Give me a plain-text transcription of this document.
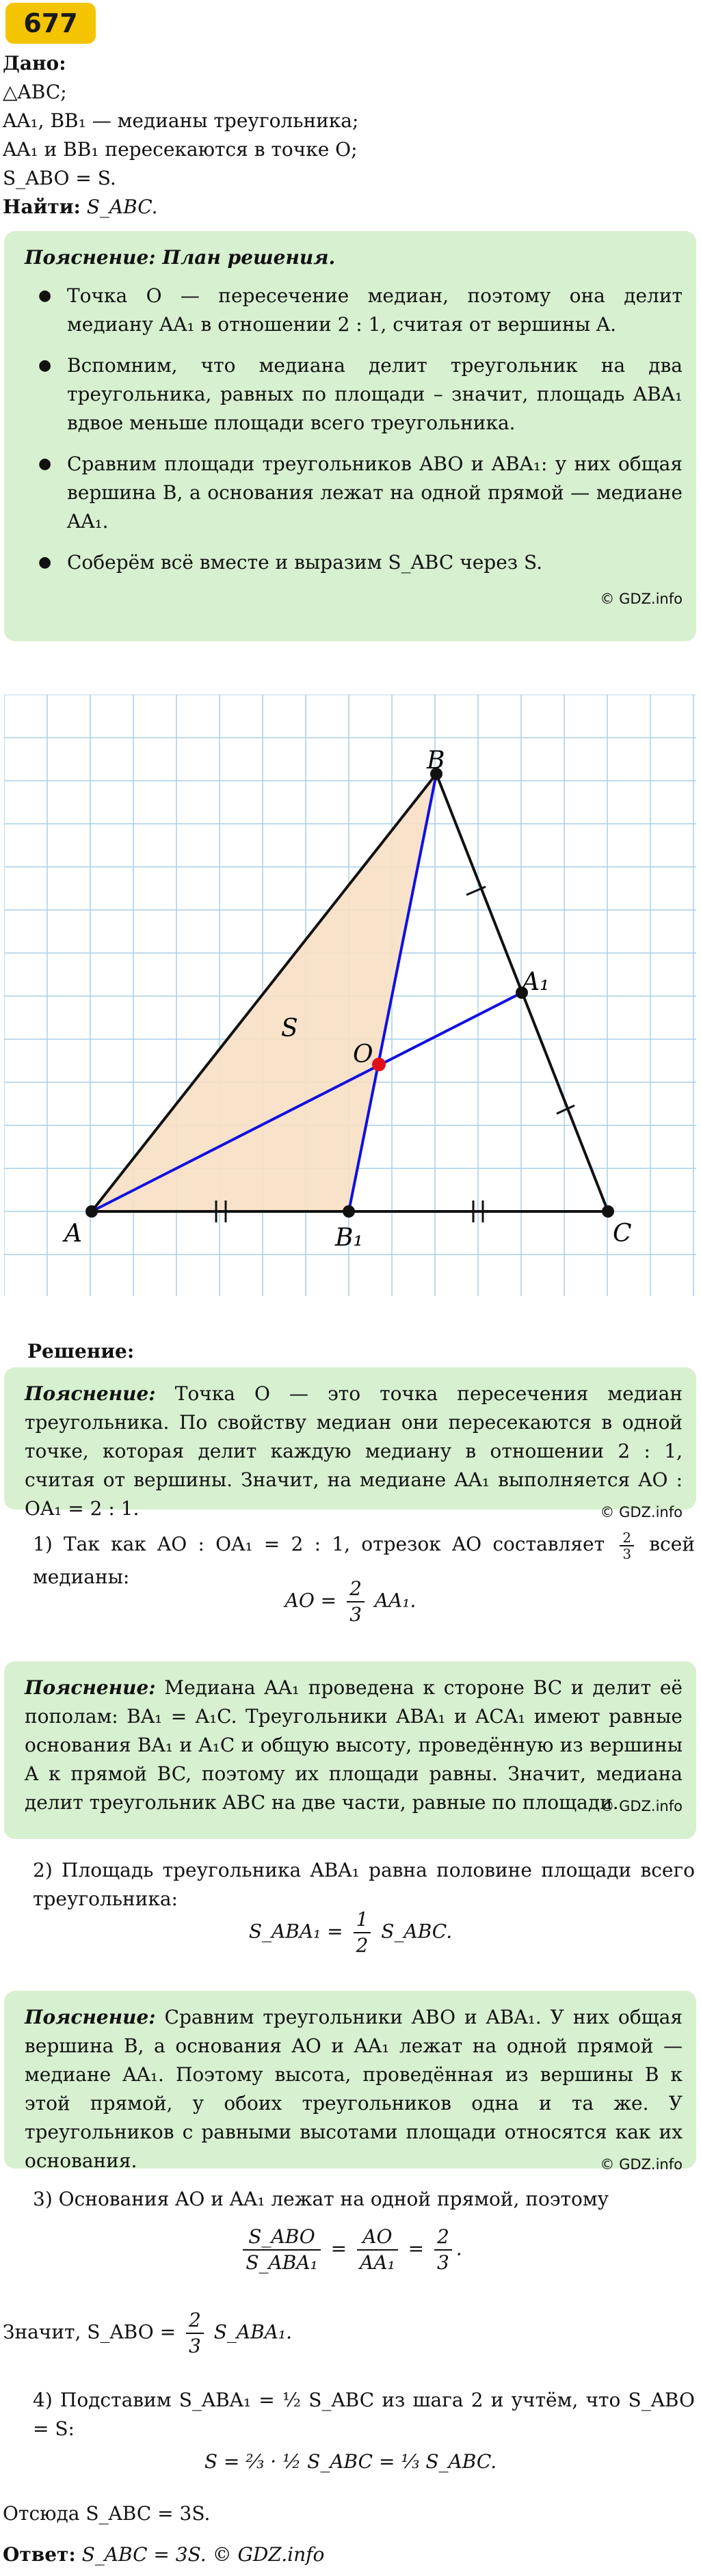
677
Дано:
△ABC;
AA₁, BB₁ — медианы треугольника;
AA₁ и BB₁ пересекаются в точке O;
S_ABO = S.
Найти: S_ABC.
Пояснение: План решения.
● Точка O — пересечение медиан, поэтому она делит медиану AA₁ в отношении 2 : 1, считая от вершины A.
● Вспомним, что медиана делит треугольник на два треугольника, равных по площади – значит, площадь ABA₁ вдвое меньше площади всего треугольника.
● Сравним площади треугольников ABO и ABA₁: у них общая вершина B, а основания лежат на одной прямой — медиане AA₁.
● Соберём всё вместе и выразим S_ABC через S.
© GDZ.info
A
B
C
A₁
B₁
O
S
Решение:
Пояснение: Точка O — это точка пересечения медиан треугольника. По свойству медиан они пересекаются в одной точке, которая делит каждую медиану в отношении 2 : 1, считая от вершины. Значит, на медиане AA₁ выполняется AO : OA₁ = 2 : 1.	© GDZ.info
1) Так как AO : OA₁ = 2 : 1, отрезок AO составляет $\frac{2}{3}$ всей медианы:
AO = $\frac{2}{3} AA_1$.
Пояснение: Медиана AA₁ проведена к стороне BC и делит её пополам: BA₁ = A₁C. Треугольники ABA₁ и ACA₁ имеют равные основания BA₁ и A₁C и общую высоту, проведённую из вершины A к прямой BC, поэтому их площади равны. Значит, медиана делит треугольник ABC на две части, равные по площади.
© GDZ.info
2) Площадь треугольника ABA₁ равна половине площади всего треугольника:
S_ABA₁ = $\frac{1}{2}$ S_ABC.
Пояснение: Сравним треугольники ABO и ABA₁. У них общая вершина B, а основания AO и AA₁ лежат на одной прямой — медиане AA₁. Поэтому высота, проведённая из вершины B к этой прямой, у обоих треугольников одна и та же. У треугольников с равными высотами площади относятся как их основания.	© GDZ.info
3) Основания AO и AA₁ лежат на одной прямой, поэтому
$\frac{\text{S\_ABO}}{\text{S\_ABA₁}} = \frac{AO}{\text{AA₁}} = \frac{2}{3}$ .
Значит, S_ABO = $\frac{2}{3}$ S_ABA₁.
4) Подставим S_ABA₁ = ½ S_ABC из шага 2 и учтём, что S_ABO = S:
S = ⅔ · ½ S_ABC = ⅓ S_ABC.
Отсюда S_ABC = 3S.
Ответ: S_ABC = 3S. © GDZ.info
